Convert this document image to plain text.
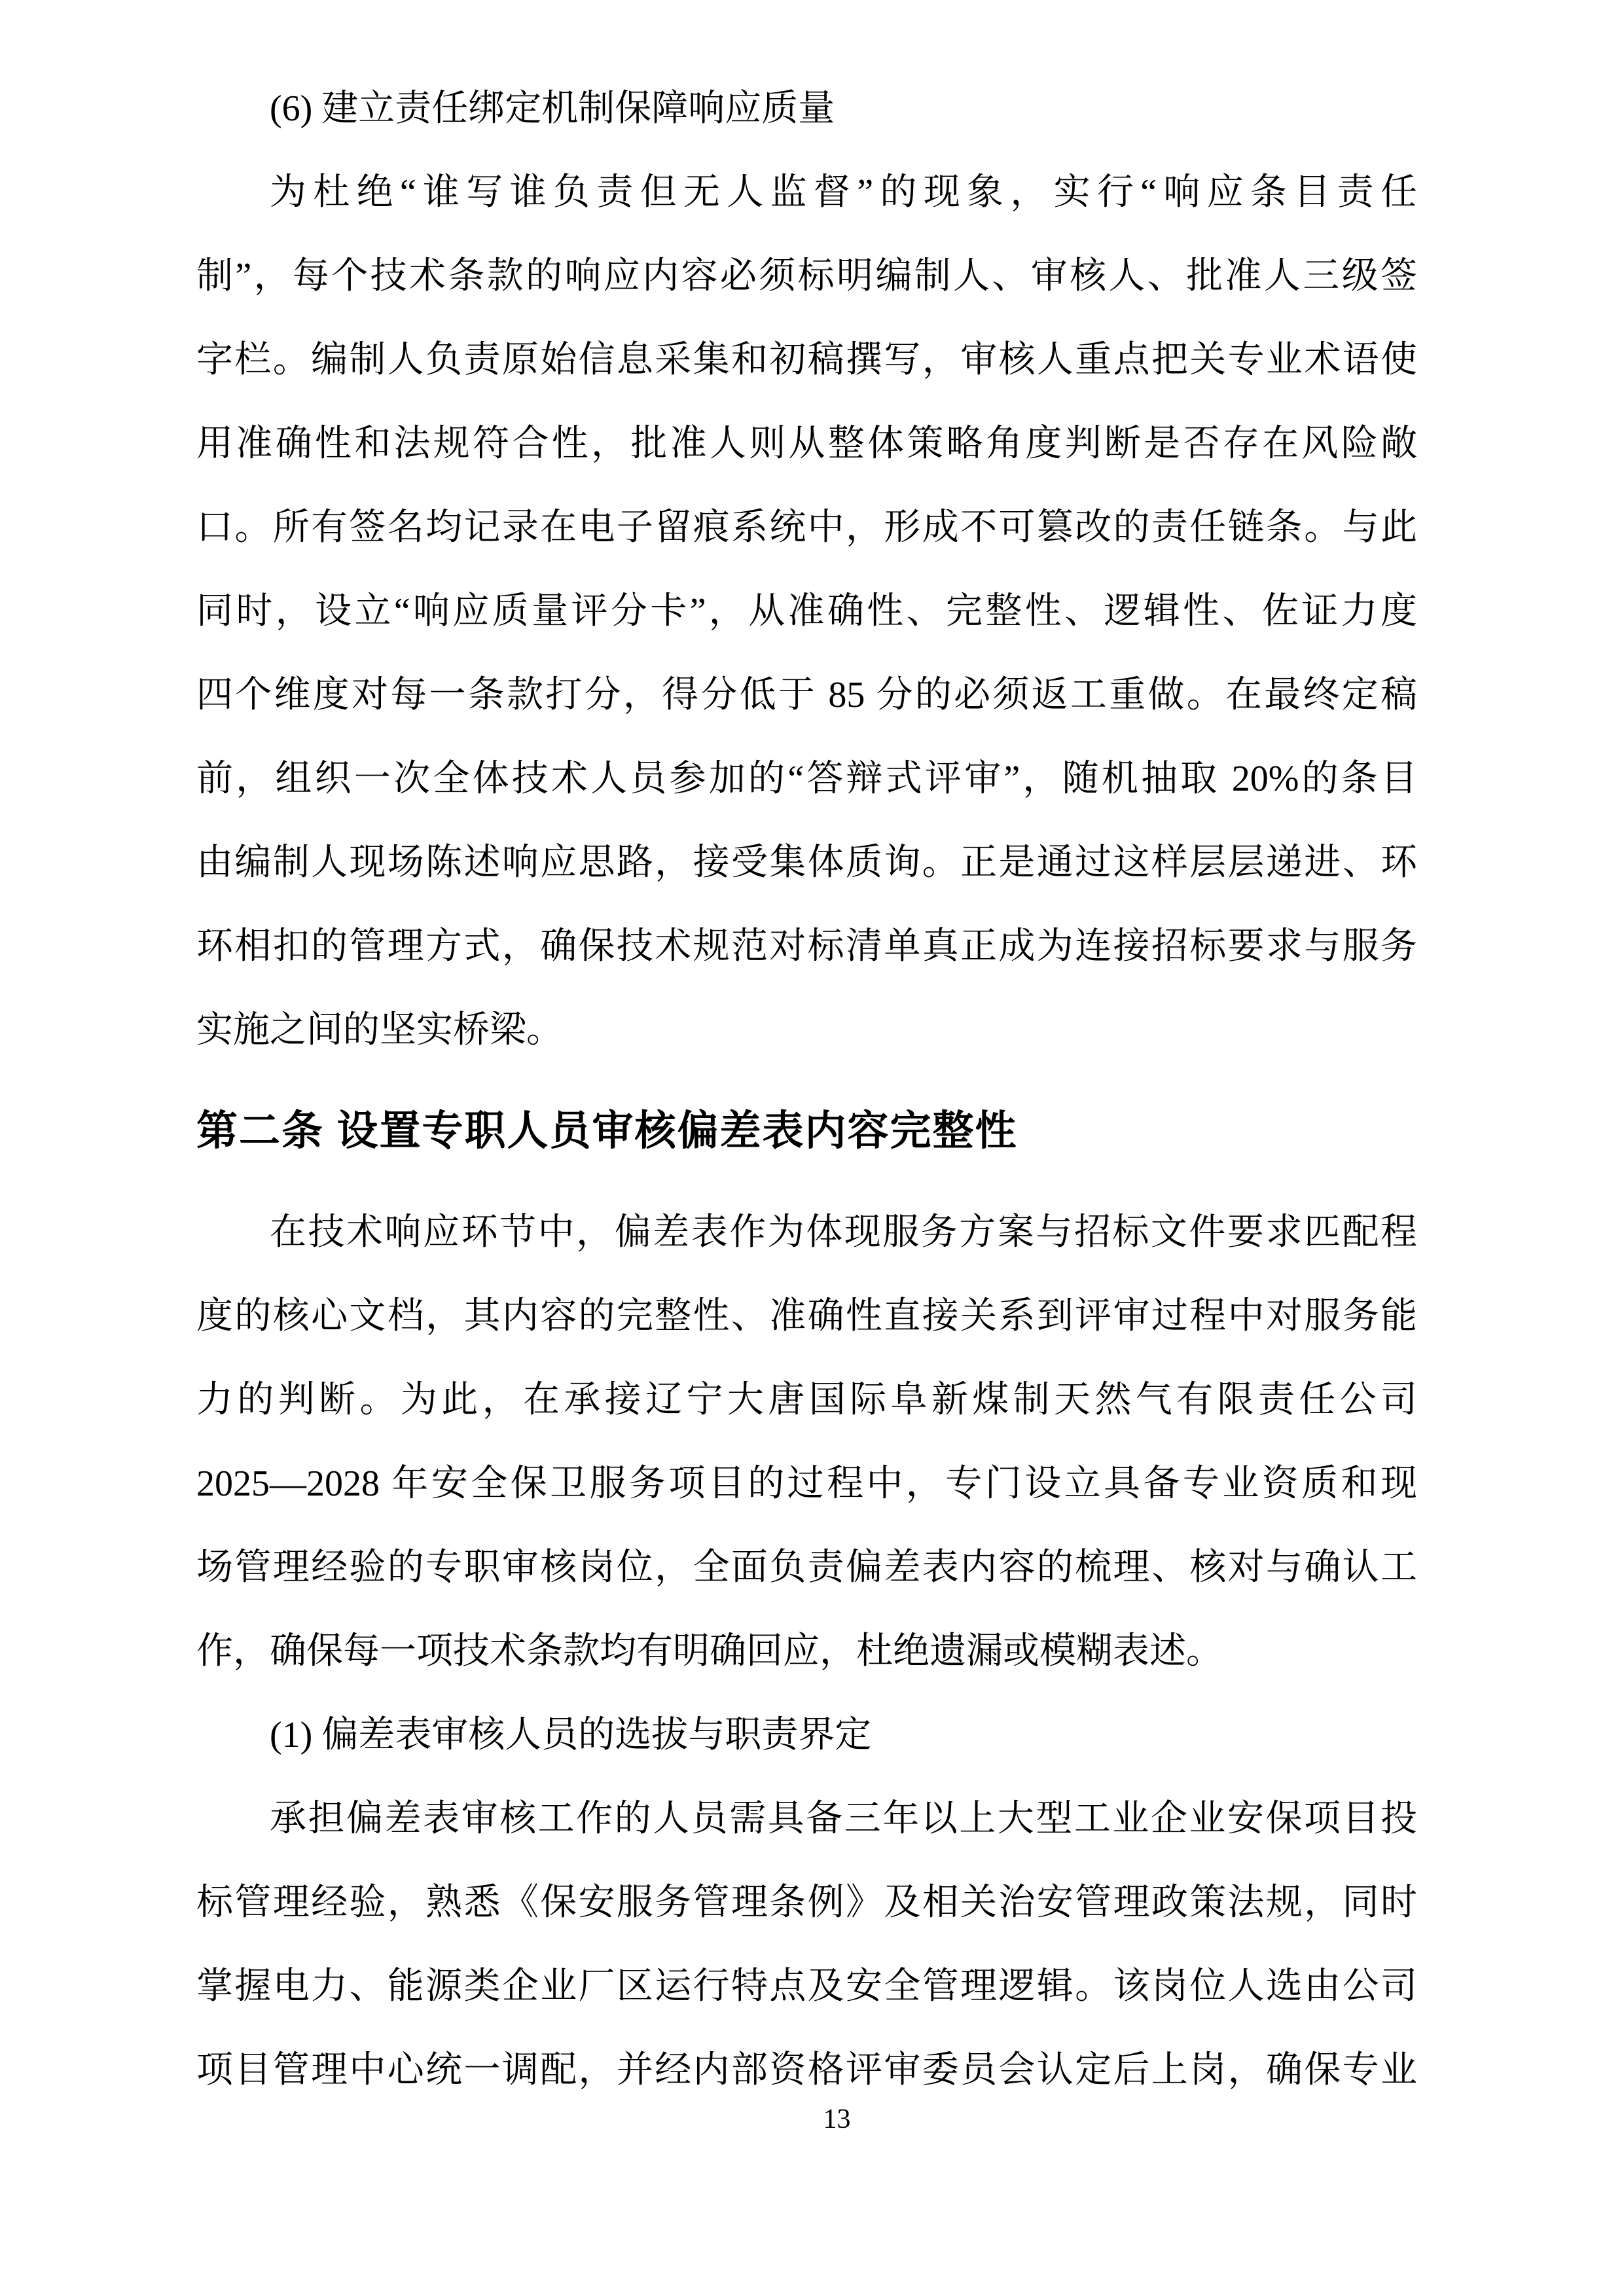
(6) 建立责任绑定机制保障响应质量
为杜绝“谁写谁负责但无人监督”的现象，实行“响应条目责任
制”，每个技术条款的响应内容必须标明编制人、审核人、批准人三级签
字栏。编制人负责原始信息采集和初稿撰写，审核人重点把关专业术语使
用准确性和法规符合性，批准人则从整体策略角度判断是否存在风险敞
口。所有签名均记录在电子留痕系统中，形成不可篡改的责任链条。与此
同时，设立“响应质量评分卡”，从准确性、完整性、逻辑性、佐证力度
四个维度对每一条款打分，得分低于 85 分的必须返工重做。在最终定稿
前，组织一次全体技术人员参加的“答辩式评审”，随机抽取 20%的条目
由编制人现场陈述响应思路，接受集体质询。正是通过这样层层递进、环
环相扣的管理方式，确保技术规范对标清单真正成为连接招标要求与服务
实施之间的坚实桥梁。
第二条 设置专职人员审核偏差表内容完整性
在技术响应环节中，偏差表作为体现服务方案与招标文件要求匹配程
度的核心文档，其内容的完整性、准确性直接关系到评审过程中对服务能
力的判断。为此，在承接辽宁大唐国际阜新煤制天然气有限责任公司
2025—2028 年安全保卫服务项目的过程中，专门设立具备专业资质和现
场管理经验的专职审核岗位，全面负责偏差表内容的梳理、核对与确认工
作，确保每一项技术条款均有明确回应，杜绝遗漏或模糊表述。
(1) 偏差表审核人员的选拔与职责界定
承担偏差表审核工作的人员需具备三年以上大型工业企业安保项目投
标管理经验，熟悉《保安服务管理条例》及相关治安管理政策法规，同时
掌握电力、能源类企业厂区运行特点及安全管理逻辑。该岗位人选由公司
项目管理中心统一调配，并经内部资格评审委员会认定后上岗，确保专业
13
